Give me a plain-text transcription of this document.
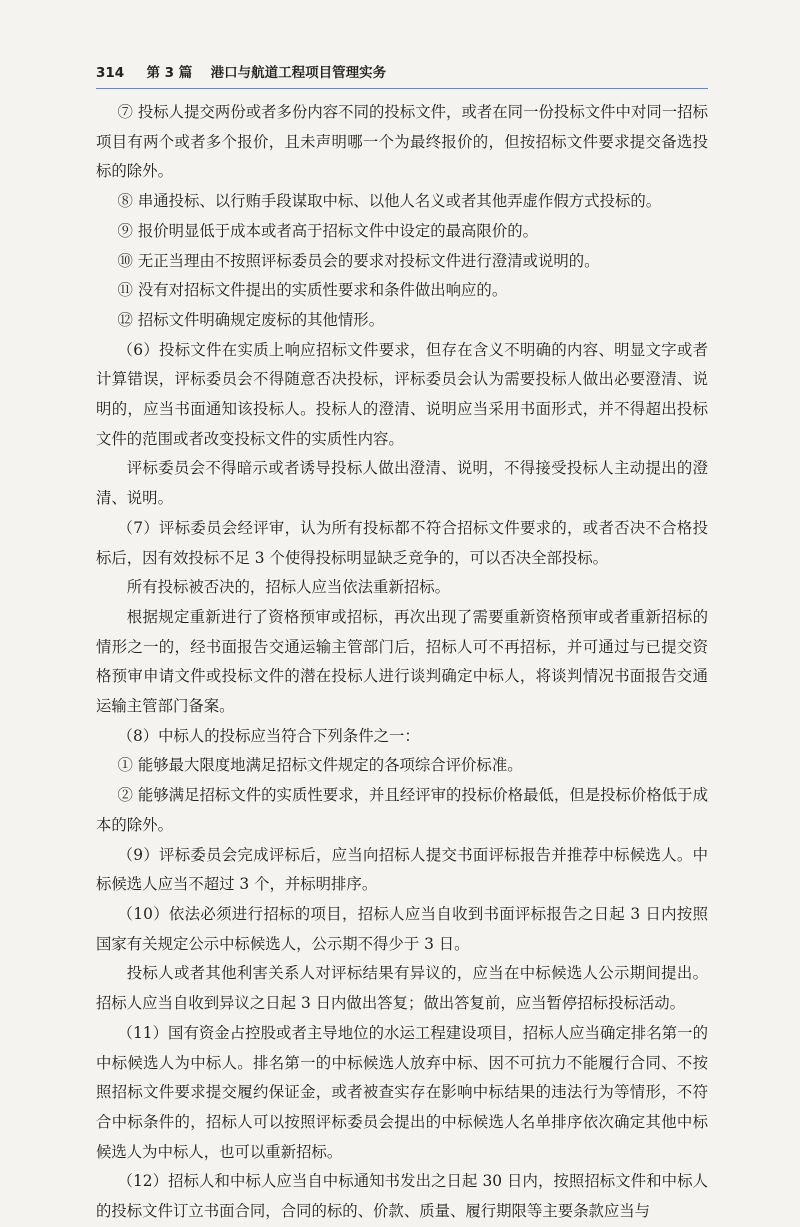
314 第 3 篇 港口与航道工程项目管理实务

⑦ 投标人提交两份或者多份内容不同的投标文件，或者在同一份投标文件中对同一招标项目有两个或者多个报价，且未声明哪一个为最终报价的，但按招标文件要求提交备选投标的除外。

⑧ 串通投标、以行贿手段谋取中标、以他人名义或者其他弄虚作假方式投标的。

⑨ 报价明显低于成本或者高于招标文件中设定的最高限价的。

⑩ 无正当理由不按照评标委员会的要求对投标文件进行澄清或说明的。

⑪ 没有对招标文件提出的实质性要求和条件做出响应的。

⑫ 招标文件明确规定废标的其他情形。

（6）投标文件在实质上响应招标文件要求，但存在含义不明确的内容、明显文字或者计算错误，评标委员会不得随意否决投标，评标委员会认为需要投标人做出必要澄清、说明的，应当书面通知该投标人。投标人的澄清、说明应当采用书面形式，并不得超出投标文件的范围或者改变投标文件的实质性内容。

评标委员会不得暗示或者诱导投标人做出澄清、说明，不得接受投标人主动提出的澄清、说明。

（7）评标委员会经评审，认为所有投标都不符合招标文件要求的，或者否决不合格投标后，因有效投标不足 3 个使得投标明显缺乏竞争的，可以否决全部投标。

所有投标被否决的，招标人应当依法重新招标。

根据规定重新进行了资格预审或招标，再次出现了需要重新资格预审或者重新招标的情形之一的，经书面报告交通运输主管部门后，招标人可不再招标，并可通过与已提交资格预审申请文件或投标文件的潜在投标人进行谈判确定中标人，将谈判情况书面报告交通运输主管部门备案。

（8）中标人的投标应当符合下列条件之一：

① 能够最大限度地满足招标文件规定的各项综合评价标准。

② 能够满足招标文件的实质性要求，并且经评审的投标价格最低，但是投标价格低于成本的除外。

（9）评标委员会完成评标后，应当向招标人提交书面评标报告并推荐中标候选人。中标候选人应当不超过 3 个，并标明排序。

（10）依法必须进行招标的项目，招标人应当自收到书面评标报告之日起 3 日内按照国家有关规定公示中标候选人，公示期不得少于 3 日。

投标人或者其他利害关系人对评标结果有异议的，应当在中标候选人公示期间提出。招标人应当自收到异议之日起 3 日内做出答复；做出答复前，应当暂停招标投标活动。

（11）国有资金占控股或者主导地位的水运工程建设项目，招标人应当确定排名第一的中标候选人为中标人。排名第一的中标候选人放弃中标、因不可抗力不能履行合同、不按照招标文件要求提交履约保证金，或者被查实存在影响中标结果的违法行为等情形，不符合中标条件的，招标人可以按照评标委员会提出的中标候选人名单排序依次确定其他中标候选人为中标人，也可以重新招标。

（12）招标人和中标人应当自中标通知书发出之日起 30 日内，按照招标文件和中标人的投标文件订立书面合同，合同的标的、价款、质量、履行期限等主要条款应当与
